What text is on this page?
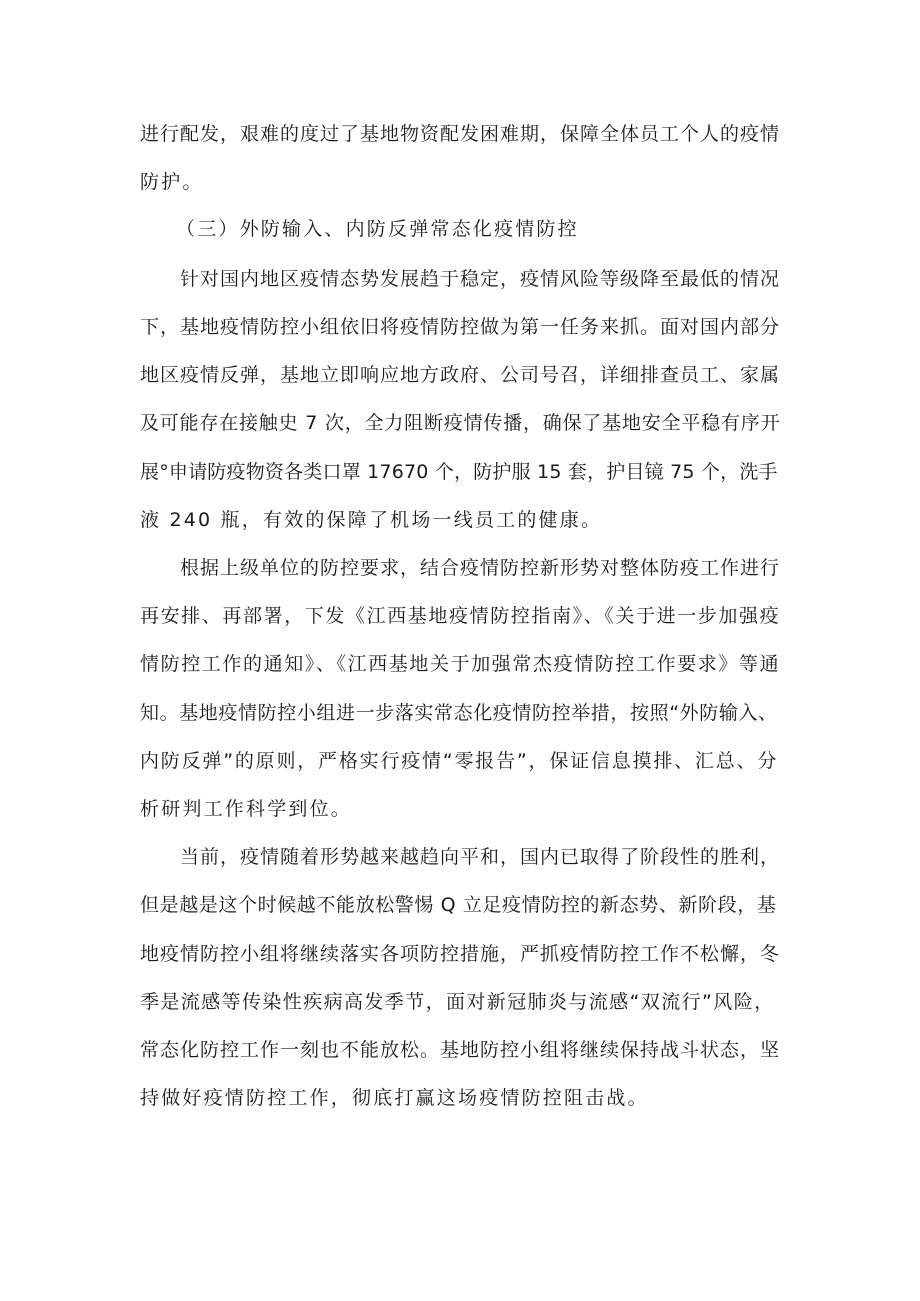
进行配发，艰难的度过了基地物资配发困难期，保障全体员工个人的疫情
防护。
（三）外防输入、内防反弹常态化疫情防控
针对国内地区疫情态势发展趋于稳定，疫情风险等级降至最低的情况
下，基地疫情防控小组依旧将疫情防控做为第一任务来抓。面对国内部分
地区疫情反弹，基地立即响应地方政府、公司号召，详细排查员工、家属
及可能存在接触史 7 次，全力阻断疫情传播，确保了基地安全平稳有序开
展°申请防疫物资各类口罩 17670 个，防护服 15 套，护目镜 75 个，洗手
液 240 瓶，有效的保障了机场一线员工的健康。
根据上级单位的防控要求，结合疫情防控新形势对整体防疫工作进行
再安排、再部署，下发《江西基地疫情防控指南》、《关于进一步加强疫
情防控工作的通知》、《江西基地关于加强常杰疫情防控工作要求》等通
知。基地疫情防控小组进一步落实常态化疫情防控举措，按照“外防输入、
内防反弹”的原则，严格实行疫情“零报告”，保证信息摸排、汇总、分
析研判工作科学到位。
当前，疫情随着形势越来越趋向平和，国内已取得了阶段性的胜利，
但是越是这个时候越不能放松警惕 Q 立足疫情防控的新态势、新阶段，基
地疫情防控小组将继续落实各项防控措施，严抓疫情防控工作不松懈，冬
季是流感等传染性疾病高发季节，面对新冠肺炎与流感“双流行”风险，
常态化防控工作一刻也不能放松。基地防控小组将继续保持战斗状态，坚
持做好疫情防控工作，彻底打赢这场疫情防控阻击战。
